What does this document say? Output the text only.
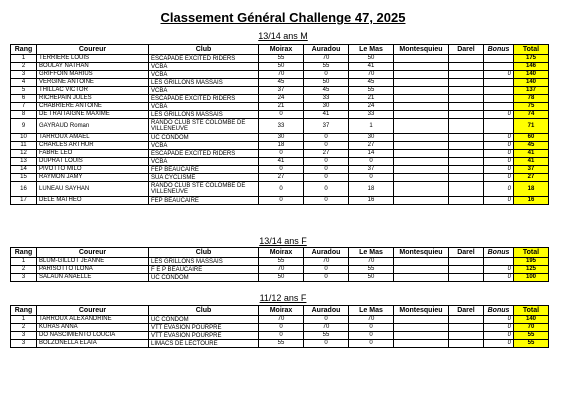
Classement Général Challenge 47, 2025
13/14 ans M
Rang	Coureur	Club	Moirax	Auradou	Le Mas	Montesquieu	Darel	Bonus	Total
1	TERRIERE LOUIS	ESCAPADE EXCITED RIDERS	55	70	50				175
2	BOULAY NATHAN	VCBA	50	55	41				146
3	GRIFFOIN MARIUS	VCBA	70	0	70			0	140
4	VERGINE ANTOINE	LES GRILLONS MASSAIS	45	50	45				140
5	THILLAC VICTOR	VCBA	37	45	55				137
6	RICHEPAIN JULES	ESCAPADE EXCITED RIDERS	24	33	21				78
7	CHABRIERE ANTOINE	VCBA	21	30	24				75
8	DE TRAITAIGNE MAXIME	LES GRILLONS MASSAIS	0	41	33			0	74
9	GAYRAUD Roman	RANDO CLUB STE COLOMBE DE VILLENEUVE	33	37	1				71
10	TARROUX AMAEL	UC CONDOM	30	0	30			0	60
11	CHARLES ARTHUR	VCBA	18	0	27			0	45
12	FABRE LEO	ESCAPADE EXCITED RIDERS	0	27	14			0	41
13	DUPRAT LOUIS	VCBA	41	0	0			0	41
14	PIVOTTO MILO	FEP BEAUCAIRE	0	0	37			0	37
15	RAYMON JAMY	SUA CYCLISME	27	0	0			0	27
16	LUNEAU SAYHAN	RANDO CLUB STE COLOMBE DE VILLENEUVE	0	0	18			0	18
17	DELE MATHEO	FEP BEAUCAIRE	0	0	16			0	16
13/14 ans F
Rang	Coureur	Club	Moirax	Auradou	Le Mas	Montesquieu	Darel	Bonus	Total
1	BLUM-GILLOT JEANNE	LES GRILLONS MASSAIS	55	70	70				195
2	PARISOTTO ILONA	F E P BEAUCAIRE	70	0	55			0	125
3	SALAUN ANAELLE	UC CONDOM	50	0	50			0	100
11/12 ans F
Rang	Coureur	Club	Moirax	Auradou	Le Mas	Montesquieu	Darel	Bonus	Total
1	TARROUX ALEXANDRINE	UC CONDOM	70	0	70			0	140
2	KURAS ANNA	VTT EVASION POURPRE	0	70	0			0	70
3	DO NASCIMIENTO LOUCIA	VTT EVASION POURPRE	0	55	0			0	55
3	BOLZONELLA ELAIA	LIMACS DE LECTOURE	55	0	0			0	55
